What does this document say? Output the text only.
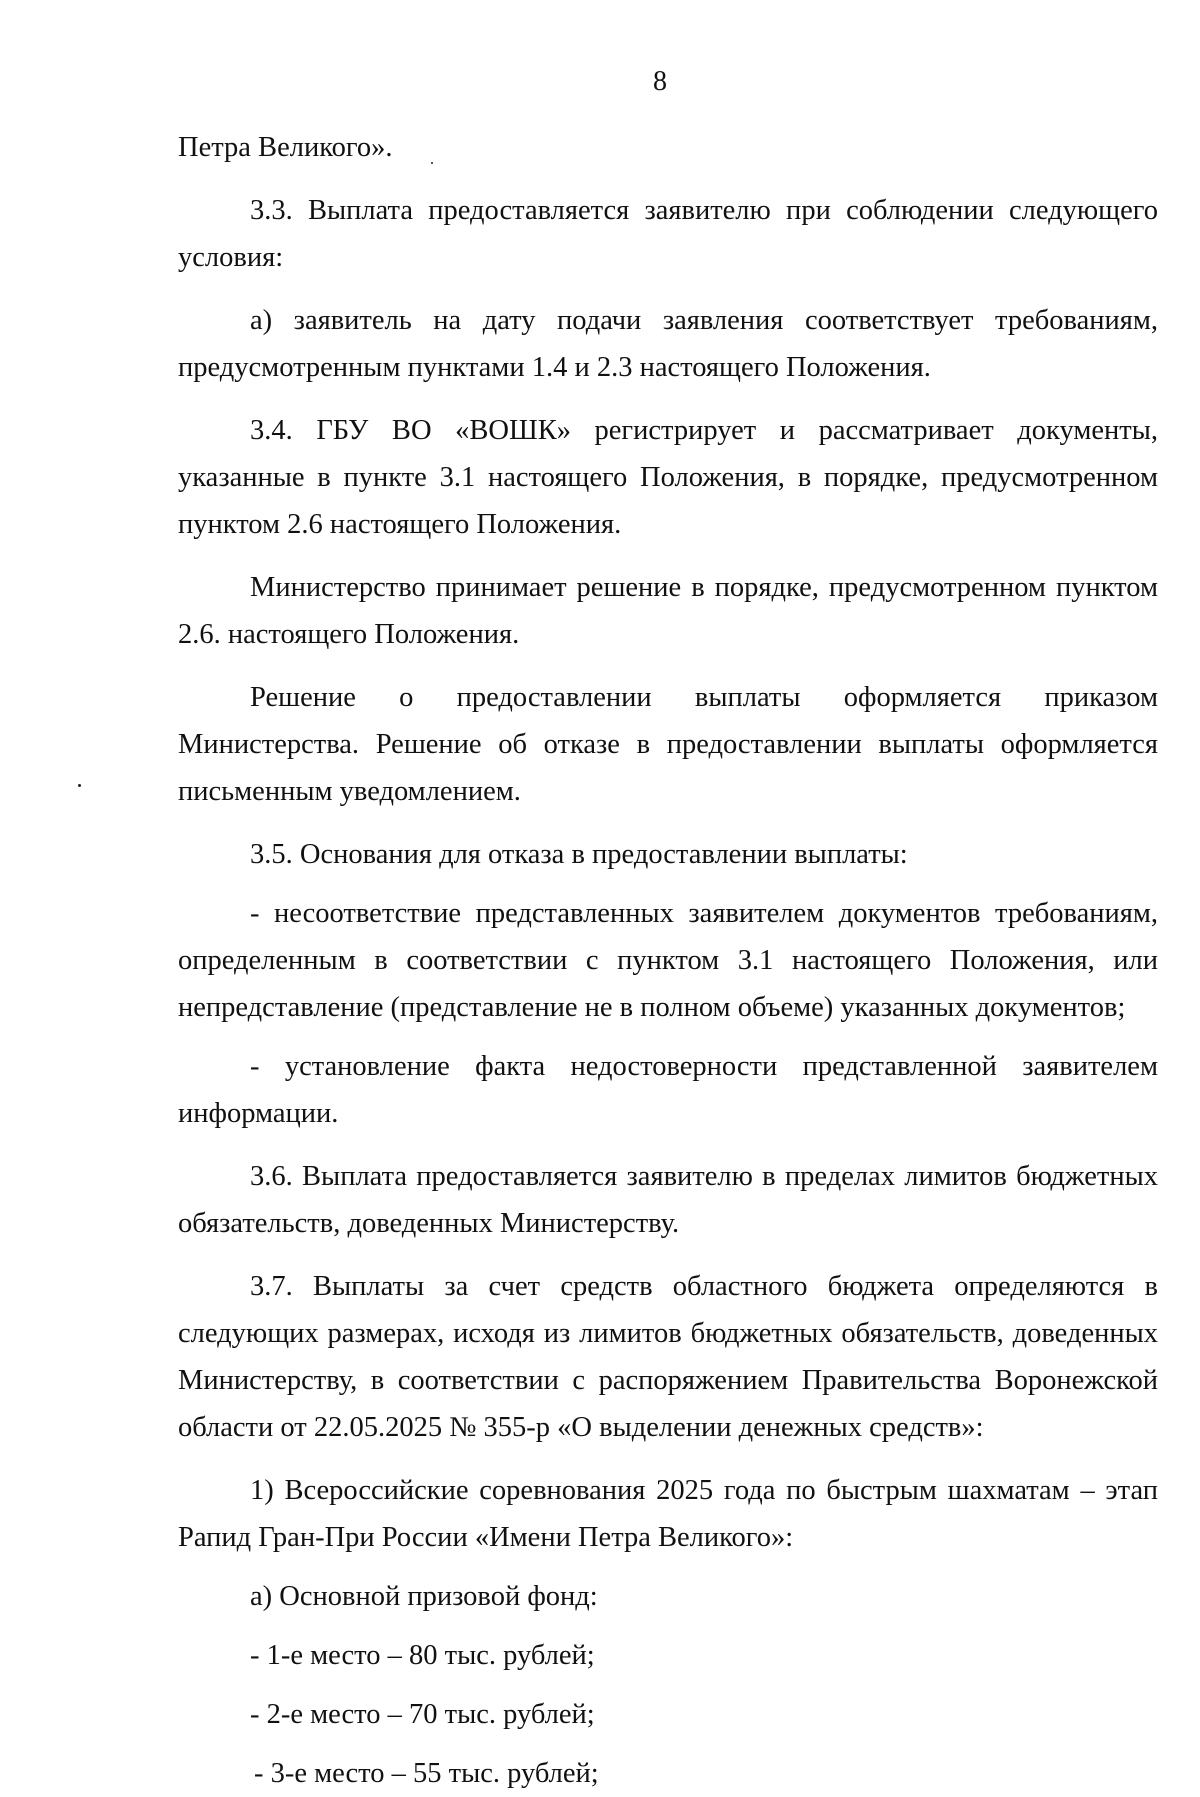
8

Петра Великого».

3.3. Выплата предоставляется заявителю при соблюдении следующего условия:

а) заявитель на дату подачи заявления соответствует требованиям, предусмотренным пунктами 1.4 и 2.3 настоящего Положения.

3.4. ГБУ ВО «ВОШК» регистрирует и рассматривает документы, указанные в пункте 3.1 настоящего Положения, в порядке, предусмотренном пунктом 2.6 настоящего Положения.

Министерство принимает решение в порядке, предусмотренном пунктом 2.6. настоящего Положения.

Решение о предоставлении выплаты оформляется приказом Министерства. Решение об отказе в предоставлении выплаты оформляется письменным уведомлением.

3.5. Основания для отказа в предоставлении выплаты:

- несоответствие представленных заявителем документов требованиям, определенным в соответствии с пунктом 3.1 настоящего Положения, или непредставление (представление не в полном объеме) указанных документов;

- установление факта недостоверности представленной заявителем информации.

3.6. Выплата предоставляется заявителю в пределах лимитов бюджетных обязательств, доведенных Министерству.

3.7. Выплаты за счет средств областного бюджета определяются в следующих размерах, исходя из лимитов бюджетных обязательств, доведенных Министерству, в соответствии с распоряжением Правительства Воронежской области от 22.05.2025 № 355-р «О выделении денежных средств»:

1) Всероссийские соревнования 2025 года по быстрым шахматам – этап Рапид Гран-При России «Имени Петра Великого»:

а) Основной призовой фонд:

- 1-е место – 80 тыс. рублей;

- 2-е место – 70 тыс. рублей;

- 3-е место – 55 тыс. рублей;
